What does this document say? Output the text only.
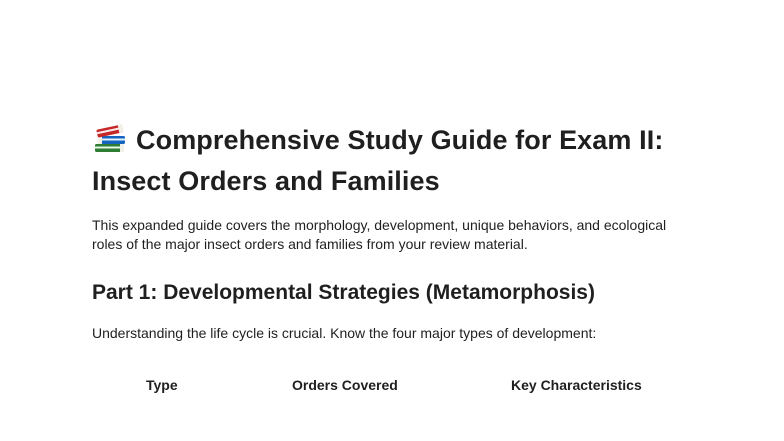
Comprehensive Study Guide for Exam II: Insect Orders and Families

This expanded guide covers the morphology, development, unique behaviors, and ecological roles of the major insect orders and families from your review material.

Part 1: Developmental Strategies (Metamorphosis)

Understanding the life cycle is crucial. Know the four major types of development:

Type	Orders Covered	Key Characteristics
